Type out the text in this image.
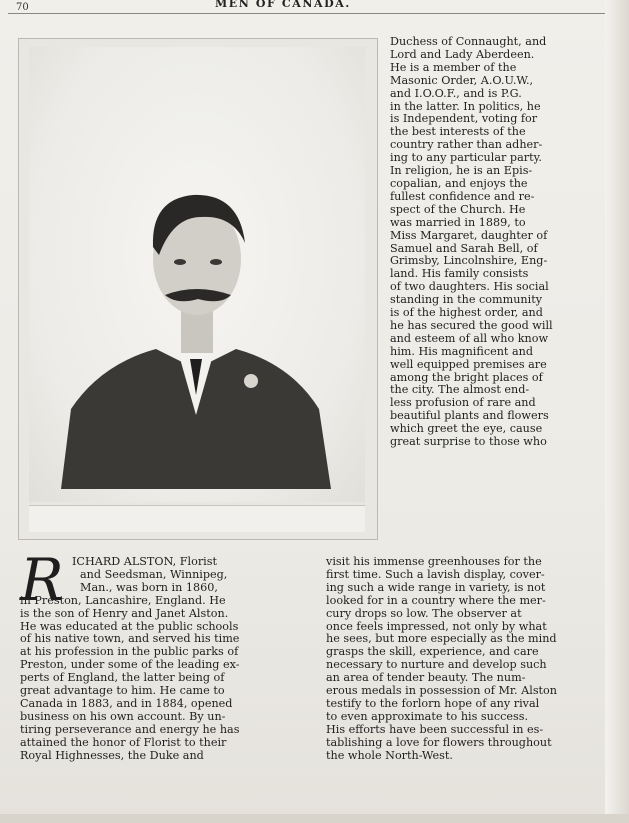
70	MEN OF CANADA.
Duchess of Connaught, and
Lord and Lady Aberdeen.
He is a member of the
Masonic Order, A.O.U.W.,
and I.O.O.F., and is P.G.
in the latter. In politics, he
is Independent, voting for
the best interests of the
country rather than adher-
ing to any particular party.
In religion, he is an Epis-
copalian, and enjoys the
fullest confidence and re-
spect of the Church. He
was married in 1889, to
Miss Margaret, daughter of
Samuel and Sarah Bell, of
Grimsby, Lincolnshire, Eng-
land. His family consists
of two daughters. His social
standing in the community
is of the highest order, and
he has secured the good will
and esteem of all who know
him. His magnificent and
well equipped premises are
among the bright places of
the city. The almost end-
less profusion of rare and
beautiful plants and flowers
which greet the eye, cause
great surprise to those who
R ICHARD ALSTON, Florist
and Seedsman, Winnipeg,
Man., was born in 1860,
in Preston, Lancashire, England. He
is the son of Henry and Janet Alston.
He was educated at the public schools
of his native town, and served his time
at his profession in the public parks of
Preston, under some of the leading ex-
perts of England, the latter being of
great advantage to him. He came to
Canada in 1883, and in 1884, opened
business on his own account. By un-
tiring perseverance and energy he has
attained the honor of Florist to their
Royal Highnesses, the Duke and
visit his immense greenhouses for the
first time. Such a lavish display, cover-
ing such a wide range in variety, is not
looked for in a country where the mer-
cury drops so low. The observer at
once feels impressed, not only by what
he sees, but more especially as the mind
grasps the skill, experience, and care
necessary to nurture and develop such
an area of tender beauty. The num-
erous medals in possession of Mr. Alston
testify to the forlorn hope of any rival
to even approximate to his success.
His efforts have been successful in es-
tablishing a love for flowers throughout
the whole North-West.
